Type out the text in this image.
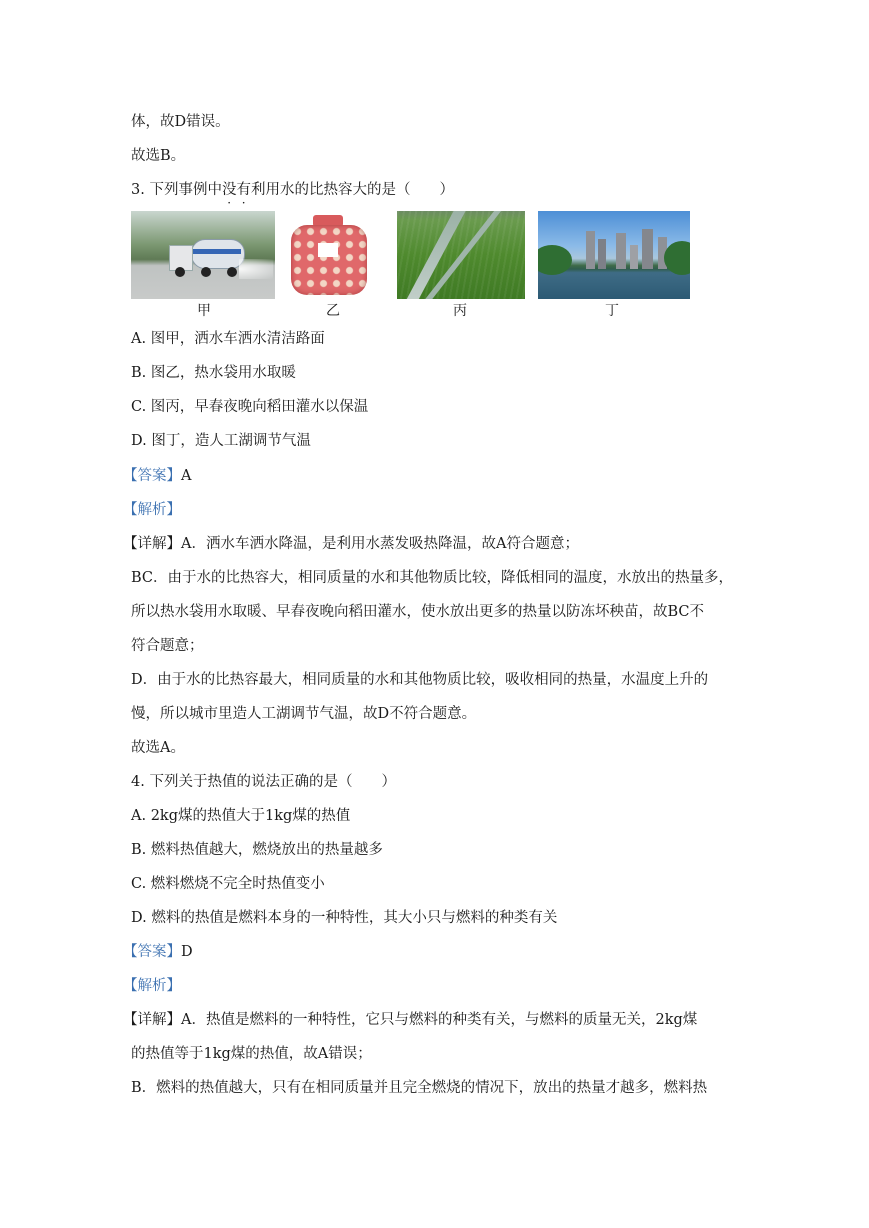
体，故D错误。
故选B。
3. 下列事例中没有利用水的比热容大的是（　　）
甲	乙	丙	丁
A. 图甲，洒水车洒水清洁路面
B. 图乙，热水袋用水取暖
C. 图丙，早春夜晚向稻田灌水以保温
D. 图丁，造人工湖调节气温
【答案】A
【解析】
【详解】A．洒水车洒水降温，是利用水蒸发吸热降温，故A符合题意；
BC．由于水的比热容大，相同质量的水和其他物质比较，降低相同的温度，水放出的热量多，
所以热水袋用水取暖、早春夜晚向稻田灌水，使水放出更多的热量以防冻坏秧苗，故BC不
符合题意；
D．由于水的比热容最大，相同质量的水和其他物质比较，吸收相同的热量，水温度上升的
慢，所以城市里造人工湖调节气温，故D不符合题意。
故选A。
4. 下列关于热值的说法正确的是（　　）
A. 2kg煤的热值大于1kg煤的热值
B. 燃料热值越大，燃烧放出的热量越多
C. 燃料燃烧不完全时热值变小
D. 燃料的热值是燃料本身的一种特性，其大小只与燃料的种类有关
【答案】D
【解析】
【详解】A．热值是燃料的一种特性，它只与燃料的种类有关，与燃料的质量无关，2kg煤
的热值等于1kg煤的热值，故A错误；
B．燃料的热值越大，只有在相同质量并且完全燃烧的情况下，放出的热量才越多，燃料热
